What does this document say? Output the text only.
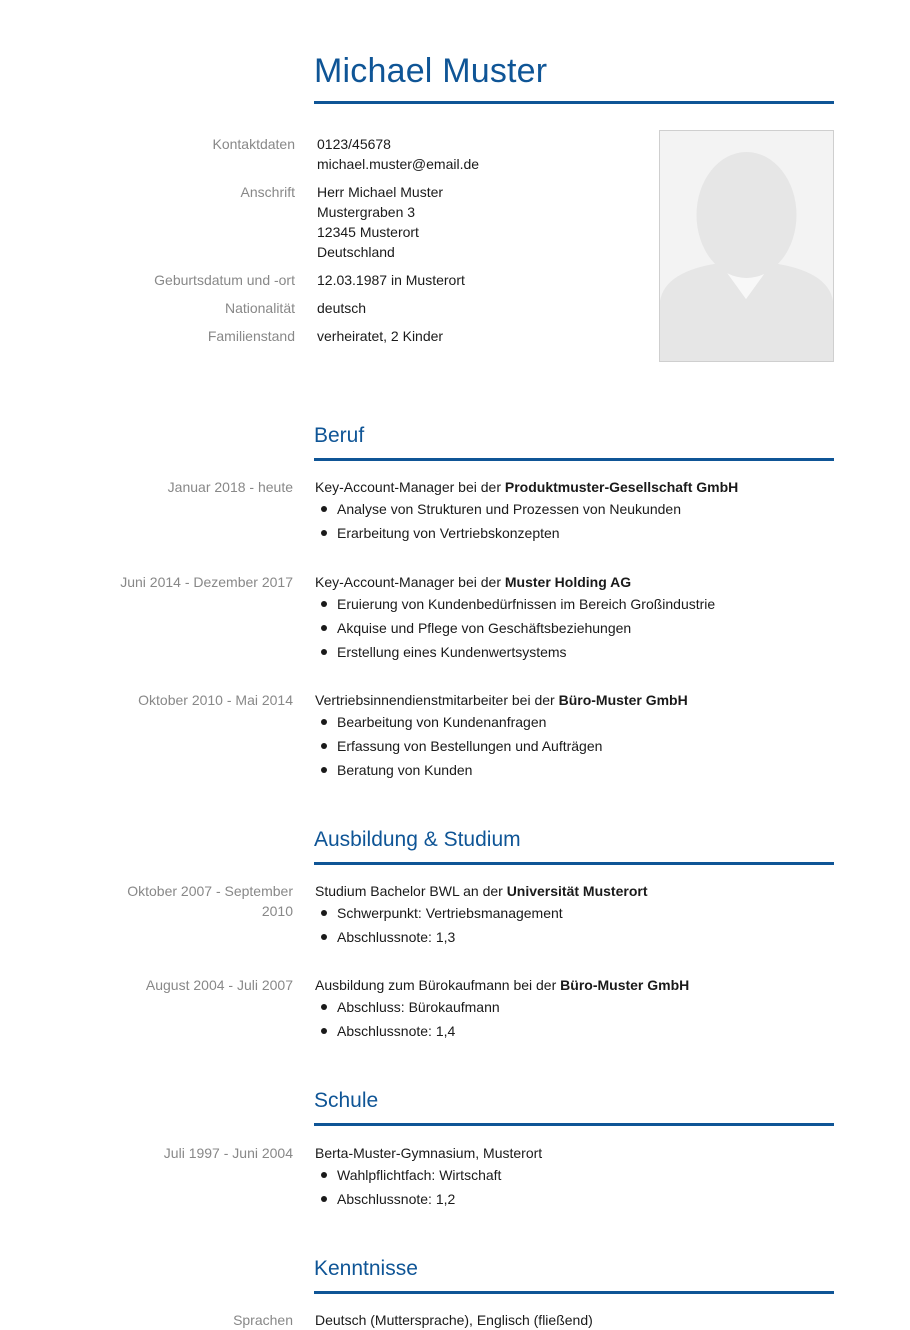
Michael Muster
Kontaktdaten 0123/45678
michael.muster@email.de
Anschrift Herr Michael Muster
Mustergraben 3
12345 Musterort
Deutschland
Geburtsdatum und -ort 12.03.1987 in Musterort
Nationalität deutsch
Familienstand verheiratet, 2 Kinder
Beruf
Januar 2018 - heute Key-Account-Manager bei der Produktmuster-Gesellschaft GmbH
Analyse von Strukturen und Prozessen von Neukunden
Erarbeitung von Vertriebskonzepten
Juni 2014 - Dezember 2017 Key-Account-Manager bei der Muster Holding AG
Eruierung von Kundenbedürfnissen im Bereich Großindustrie
Akquise und Pflege von Geschäftsbeziehungen
Erstellung eines Kundenwertsystems
Oktober 2010 - Mai 2014 Vertriebsinnendienstmitarbeiter bei der Büro-Muster GmbH
Bearbeitung von Kundenanfragen
Erfassung von Bestellungen und Aufträgen
Beratung von Kunden
Ausbildung & Studium
Oktober 2007 - September
2010
Studium Bachelor BWL an der Universität Musterort
Schwerpunkt: Vertriebsmanagement
Abschlussnote: 1,3
August 2004 - Juli 2007 Ausbildung zum Bürokaufmann bei der Büro-Muster GmbH
Abschluss: Bürokaufmann
Abschlussnote: 1,4
Schule
Juli 1997 - Juni 2004 Berta-Muster-Gymnasium, Musterort
Wahlpflichtfach: Wirtschaft
Abschlussnote: 1,2
Kenntnisse
Sprachen Deutsch (Muttersprache), Englisch (fließend)
